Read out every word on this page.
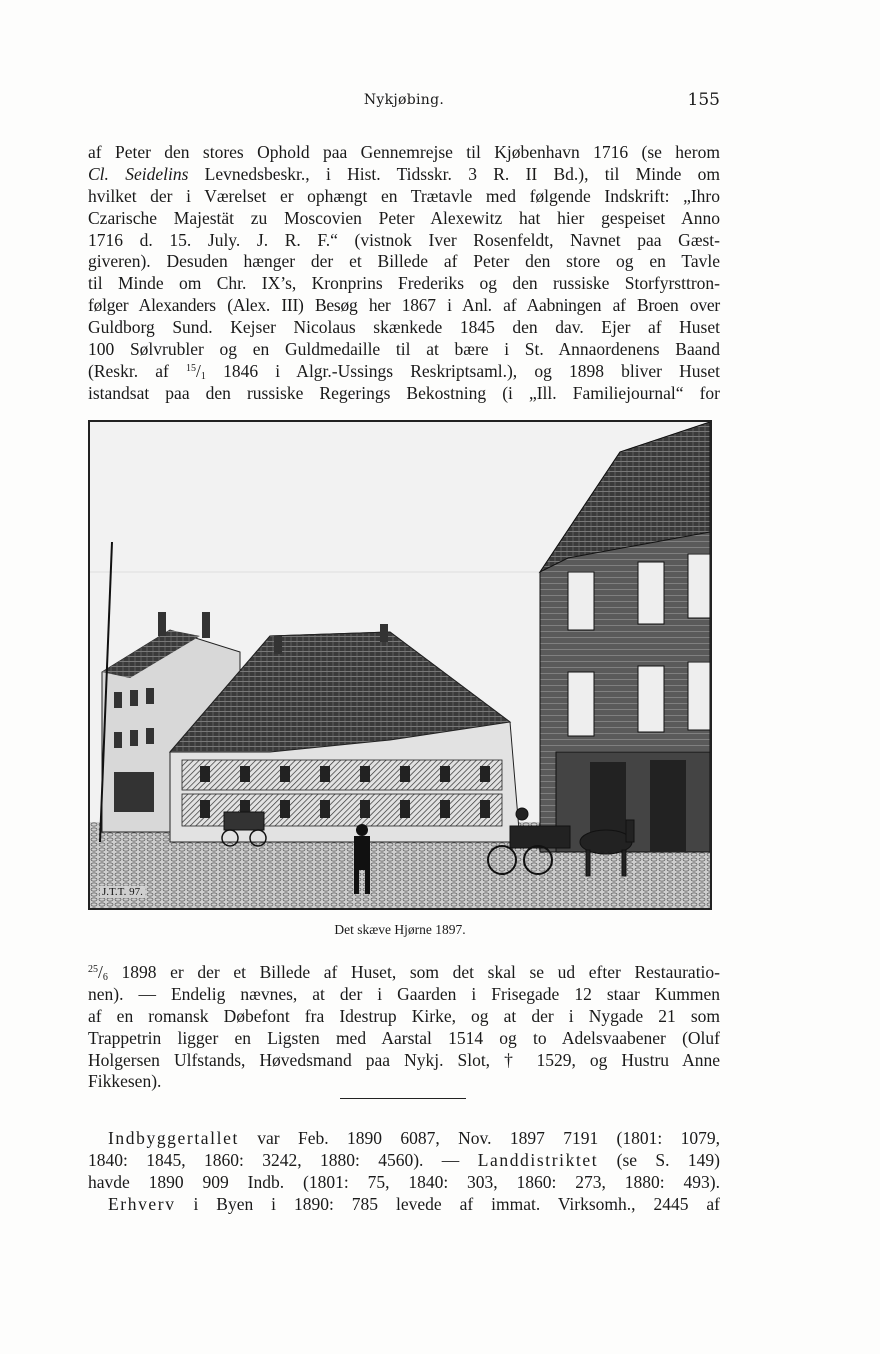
Nykjøbing.	155
af Peter den stores Ophold paa Gennemrejse til Kjøbenhavn 1716 (se herom
Cl. Seidelins Levnedsbeskr., i Hist. Tidsskr. 3 R. II Bd.), til Minde om
hvilket der i Værelset er ophængt en Trætavle med følgende Indskrift: „Ihro
Czarische Majestät zu Moscovien Peter Alexewitz hat hier gespeiset Anno
1716 d. 15. July. J. R. F.“ (vistnok Iver Rosenfeldt, Navnet paa Gæst-
giveren). Desuden hænger der et Billede af Peter den store og en Tavle
til Minde om Chr. IX’s, Kronprins Frederiks og den russiske Storfyrsttron-
følger Alexanders (Alex. III) Besøg her 1867 i Anl. af Aabningen af Broen over
Guldborg Sund. Kejser Nicolaus skænkede 1845 den dav. Ejer af Huset
100 Sølvrubler og en Guldmedaille til at bære i St. Annaordenens Baand
(Reskr. af $^{15}/_1$ 1846 i Algr.-Ussings Reskriptsaml.), og 1898 bliver Huset
istandsat paa den russiske Regerings Bekostning (i „Ill. Familiejournal“ for
J.T.T. 97.
Det skæve Hjørne 1897.
$^{25}/_6$ 1898 er der et Billede af Huset, som det skal se ud efter Restauratio-
nen). — Endelig nævnes, at der i Gaarden i Frisegade 12 staar Kummen
af en romansk Døbefont fra Idestrup Kirke, og at der i Nygade 21 som
Trappetrin ligger en Ligsten med Aarstal 1514 og to Adelsvaabener (Oluf
Holgersen Ulfstands, Høvedsmand paa Nykj. Slot, † 1529, og Hustru Anne
Fikkesen).
Indbyggertallet var Feb. 1890 6087, Nov. 1897 7191 (1801: 1079,
1840: 1845, 1860: 3242, 1880: 4560). — Landdistriktet (se S. 149)
havde 1890 909 Indb. (1801: 75, 1840: 303, 1860: 273, 1880: 493).
Erhverv i Byen i 1890: 785 levede af immat. Virksomh., 2445 af
